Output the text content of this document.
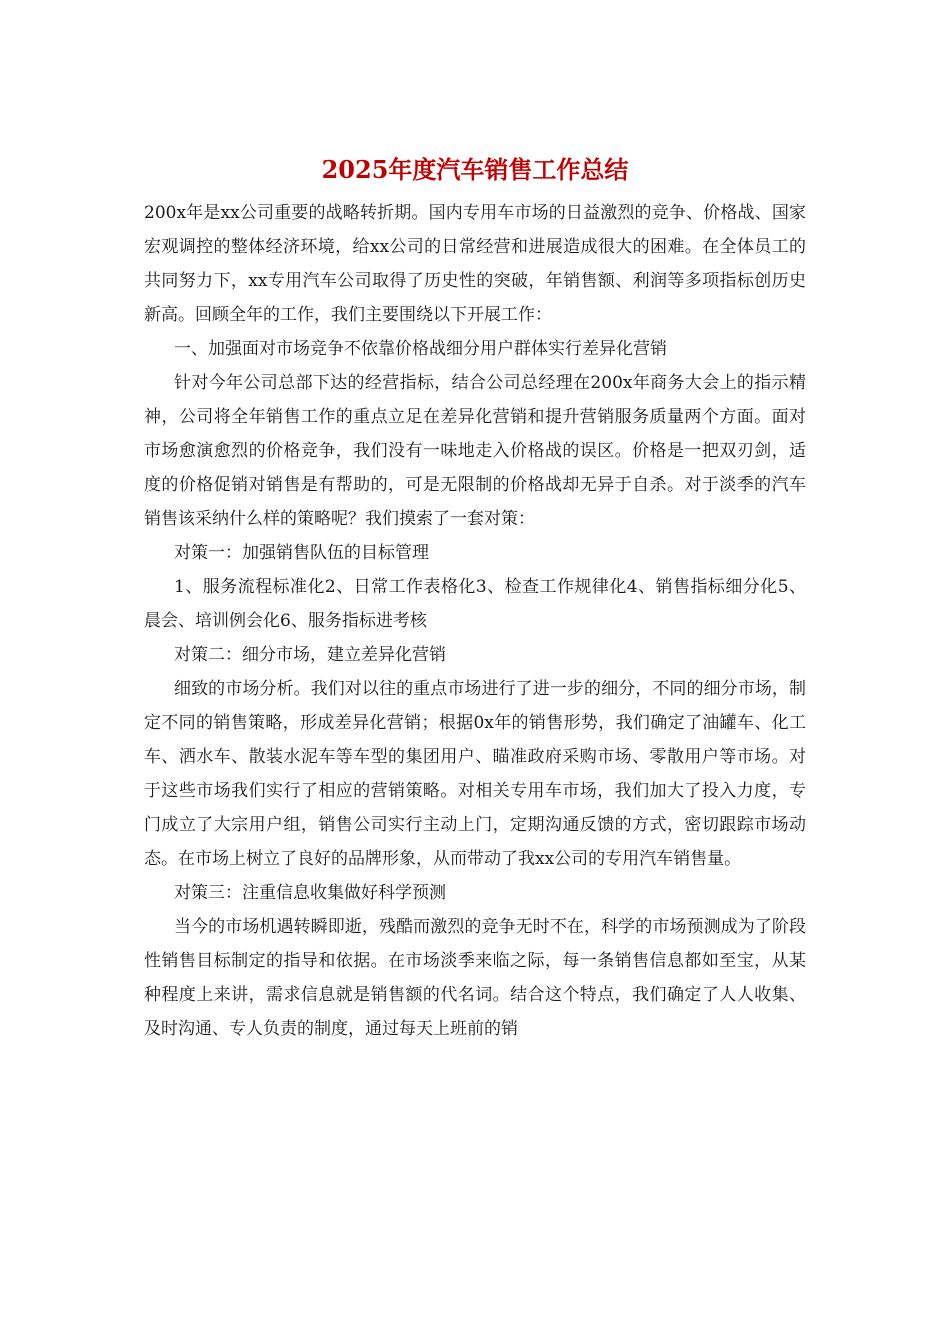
2025年度汽车销售工作总结

200x年是xx公司重要的战略转折期。国内专用车市场的日益激烈的竞争、价格战、国家宏观调控的整体经济环境，给xx公司的日常经营和进展造成很大的困难。在全体员工的共同努力下，xx专用汽车公司取得了历史性的突破，年销售额、利润等多项指标创历史新高。回顾全年的工作，我们主要围绕以下开展工作：

一、加强面对市场竞争不依靠价格战细分用户群体实行差异化营销

针对今年公司总部下达的经营指标，结合公司总经理在200x年商务大会上的指示精神，公司将全年销售工作的重点立足在差异化营销和提升营销服务质量两个方面。面对市场愈演愈烈的价格竞争，我们没有一味地走入价格战的误区。价格是一把双刃剑，适度的价格促销对销售是有帮助的，可是无限制的价格战却无异于自杀。对于淡季的汽车销售该采纳什么样的策略呢？我们摸索了一套对策：

对策一：加强销售队伍的目标管理

1、服务流程标准化2、日常工作表格化3、检查工作规律化4、销售指标细分化5、晨会、培训例会化6、服务指标进考核

对策二：细分市场，建立差异化营销

细致的市场分析。我们对以往的重点市场进行了进一步的细分，不同的细分市场，制定不同的销售策略，形成差异化营销；根据0x年的销售形势，我们确定了油罐车、化工车、洒水车、散装水泥车等车型的集团用户、瞄准政府采购市场、零散用户等市场。对于这些市场我们实行了相应的营销策略。对相关专用车市场，我们加大了投入力度，专门成立了大宗用户组，销售公司实行主动上门，定期沟通反馈的方式，密切跟踪市场动态。在市场上树立了良好的品牌形象，从而带动了我xx公司的专用汽车销售量。

对策三：注重信息收集做好科学预测

当今的市场机遇转瞬即逝，残酷而激烈的竞争无时不在，科学的市场预测成为了阶段性销售目标制定的指导和依据。在市场淡季来临之际，每一条销售信息都如至宝，从某种程度上来讲，需求信息就是销售额的代名词。结合这个特点，我们确定了人人收集、及时沟通、专人负责的制度，通过每天上班前的销
